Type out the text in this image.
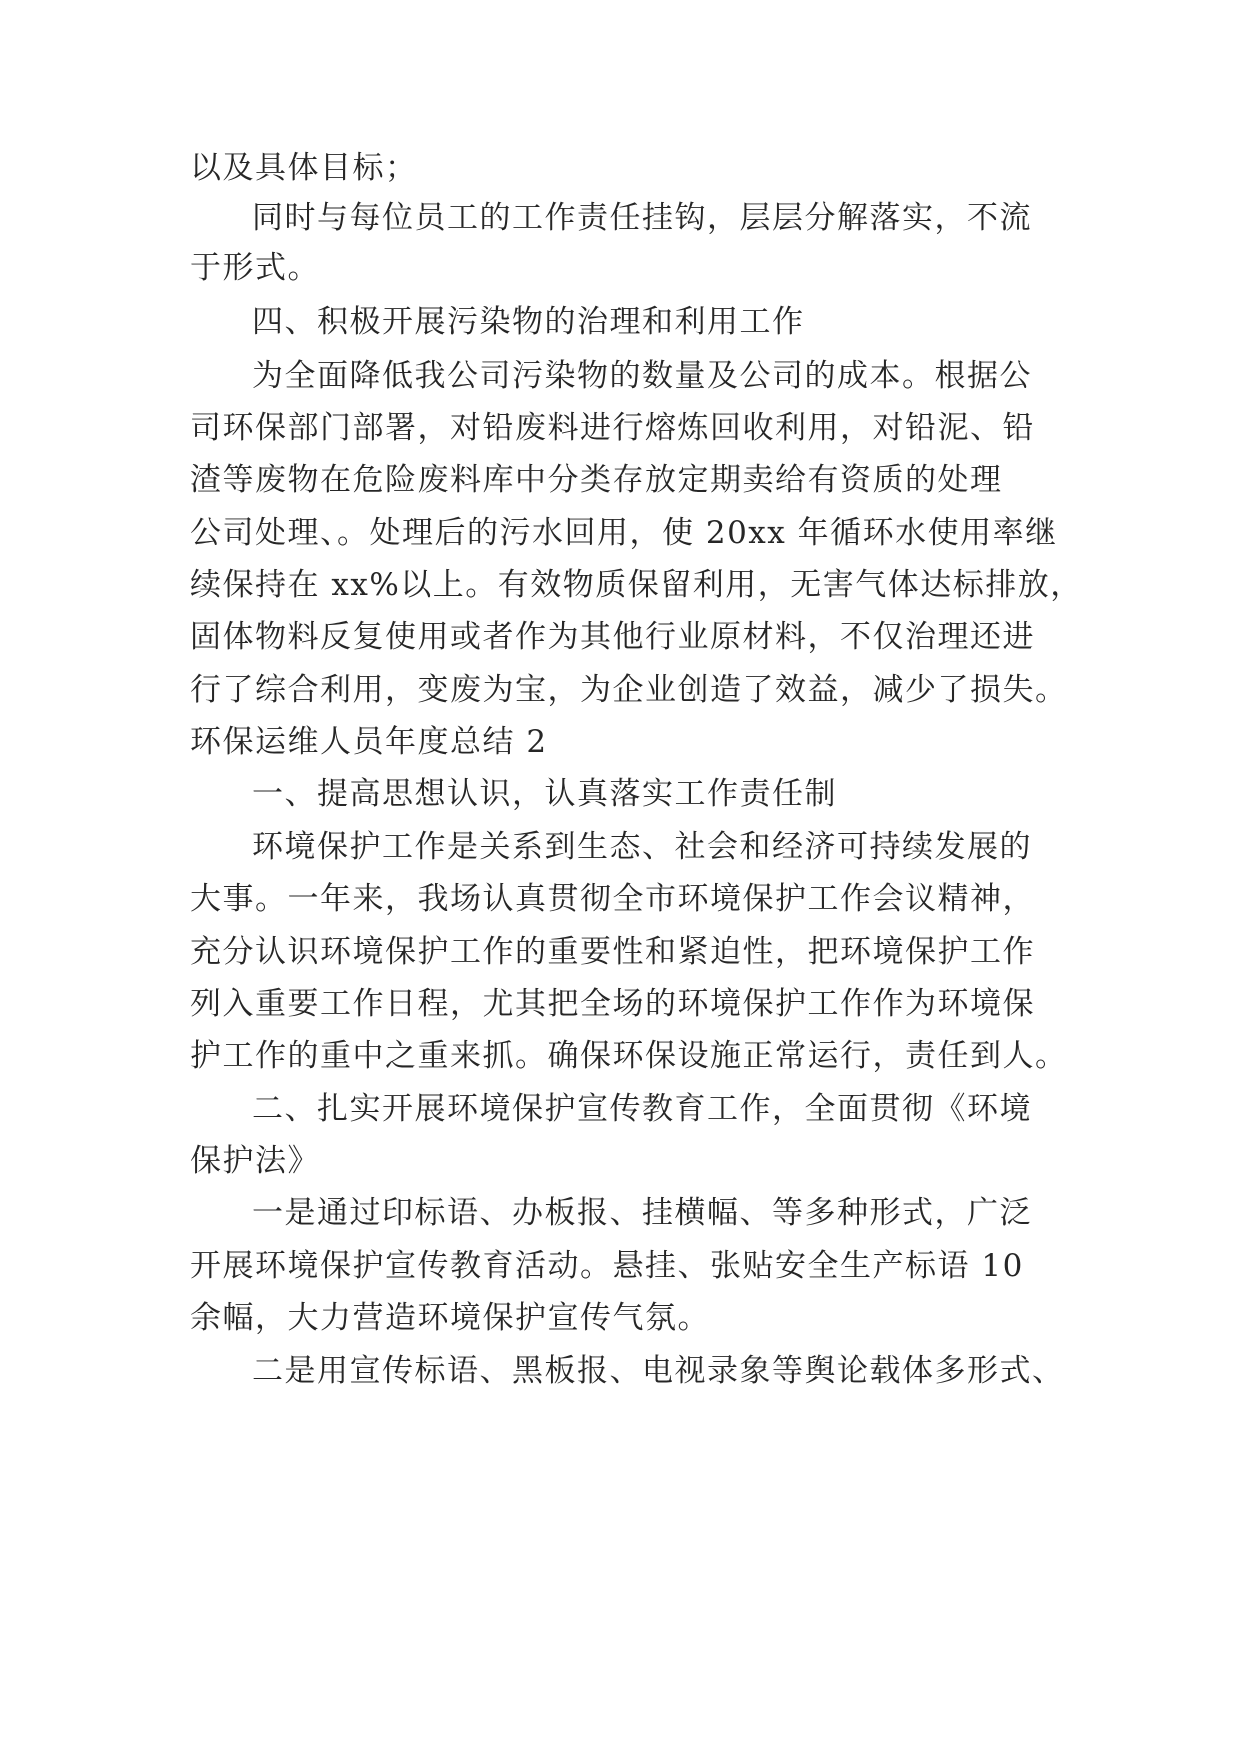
以及具体目标；
同时与每位员工的工作责任挂钩，层层分解落实，不流
于形式。
四、积极开展污染物的治理和利用工作
为全面降低我公司污染物的数量及公司的成本。根据公
司环保部门部署，对铅废料进行熔炼回收利用，对铅泥、铅
渣等废物在危险废料库中分类存放定期卖给有资质的处理
公司处理、。处理后的污水回用，使 20xx 年循环水使用率继
续保持在 xx%以上。有效物质保留利用，无害气体达标排放，
固体物料反复使用或者作为其他行业原材料，不仅治理还进
行了综合利用，变废为宝，为企业创造了效益，减少了损失。
环保运维人员年度总结 2
一、提高思想认识，认真落实工作责任制
环境保护工作是关系到生态、社会和经济可持续发展的
大事。一年来，我场认真贯彻全市环境保护工作会议精神，
充分认识环境保护工作的重要性和紧迫性，把环境保护工作
列入重要工作日程，尤其把全场的环境保护工作作为环境保
护工作的重中之重来抓。确保环保设施正常运行，责任到人。
二、扎实开展环境保护宣传教育工作，全面贯彻《环境
保护法》
一是通过印标语、办板报、挂横幅、等多种形式，广泛
开展环境保护宣传教育活动。悬挂、张贴安全生产标语 10
余幅，大力营造环境保护宣传气氛。
二是用宣传标语、黑板报、电视录象等舆论载体多形式、
